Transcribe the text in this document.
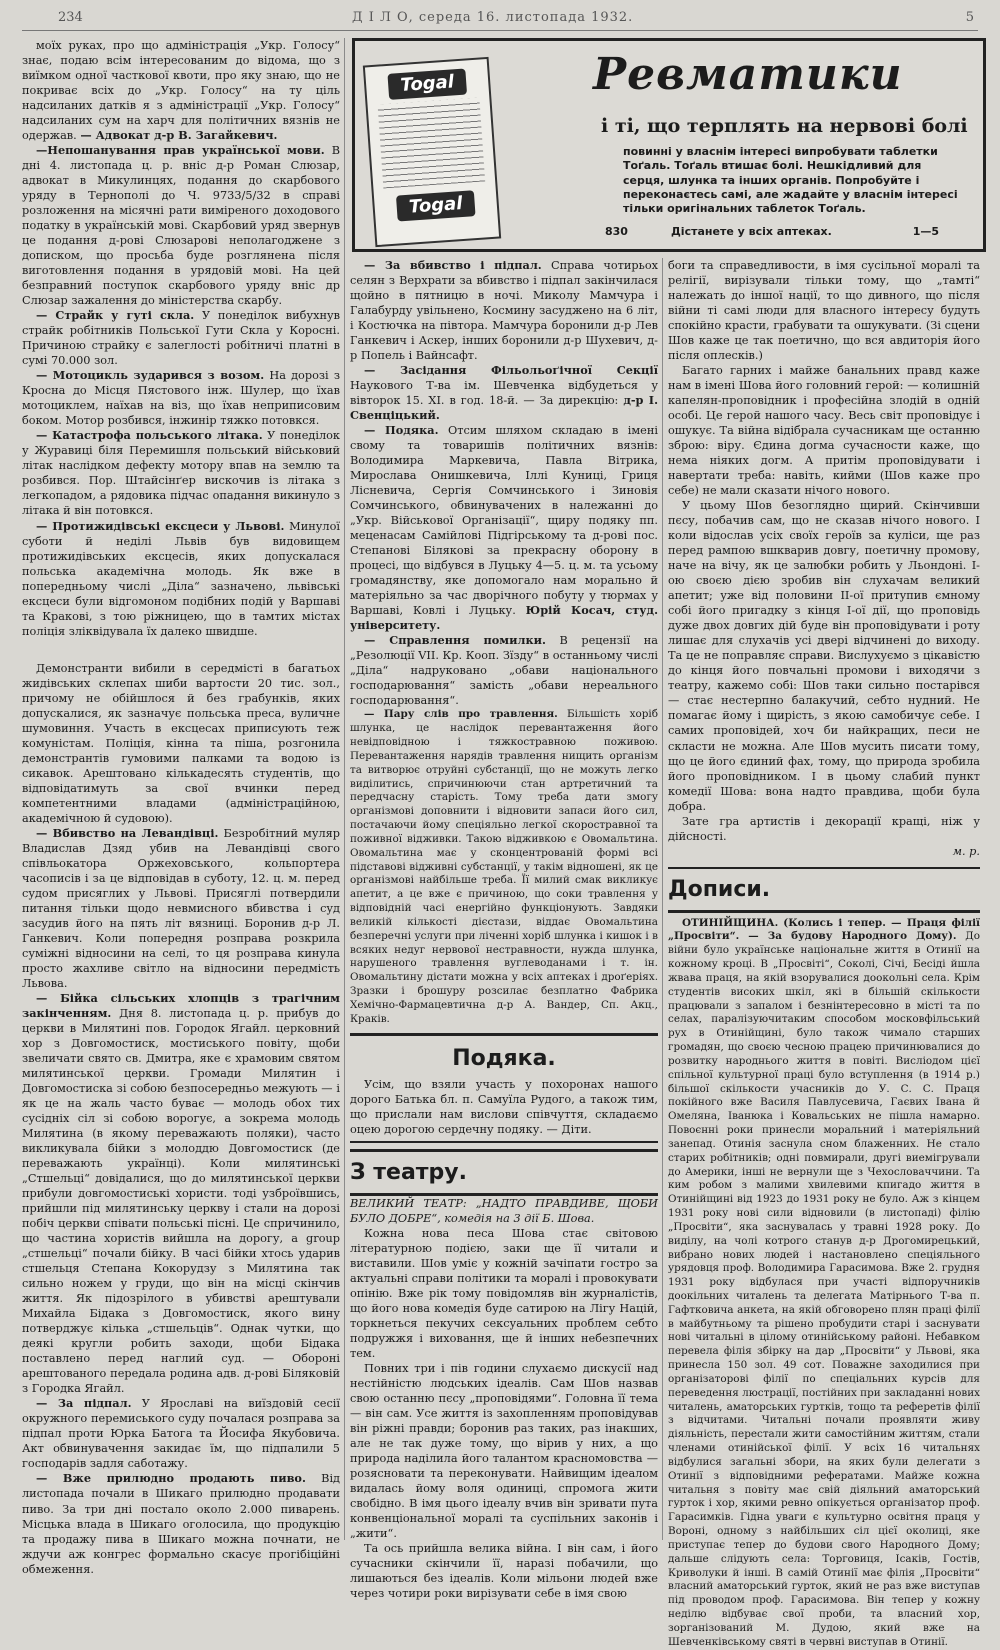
234	Д І Л О, середа 16. листопада 1932.	5

моїх руках, про що адміністрація „Укр. Голосу“ знає, подаю всім інтересованим до відома, що з виїмком одної часткової квоти, про яку знаю, що не покриває всіх до „Укр. Голосу“ на ту ціль надсиланих датків я з адміністрації „Укр. Голосу“ надсиланих сум на харч для політичних вязнів не одержав. — Адвокат д-р В. Загайкевич.

—Непошанування прав української мови. В дні 4. листопада ц. р. вніс д-р Роман Слюзар, адвокат в Микулинцях, подання до скарбового уряду в Тернополі до Ч. 9733/5/32 в справі розложення на місячні рати виміреного доходового податку в українській мові. Скарбовий уряд звернув це подання д-рові Слюзарові неполагоджене з дописком, що просьба буде розглянена після виготовлення подання в урядовій мові. На цей безправний поступок скарбового уряду вніс др Слюзар зажалення до міністерства скарбу.

— Страйк у гуті скла. У понеділок вибухнув страйк робітників Польської Гути Скла у Коросні. Причиною страйку є залеглості робітничі платні в сумі 70.000 зол.

— Мотоцикль зударився з возом. На дорозі з Кросна до Місця Пястового інж. Шулер, що їхав мотоциклем, наїхав на віз, що їхав неприписовим боком. Мотор розбився, інжинір тяжко потовкся.

— Катастрофа польського літака. У понеділок у Журавиці біля Перемишля польський військовий літак наслідком дефекту мотору впав на землю та розбився. Пор. Штайсінґер вискочив із літака з легкопадом, а рядовика підчас опадання викинуло з літака й він потовкся.

— Протижидівські ексцеси у Львові. Минулої суботи й неділі Львів був видовищем протижидівських ексцесів, яких допускалася польська академічна молодь. Як вже в попередньому числі „Діла“ зазначено, львівські ексцеси були відгомоном подібних подій у Варшаві та Кракові, з тою ріжницею, що в тамтих містах поліція зліквідувала їх далеко швидше.

Демонстранти вибили в середмісті в багатьох жидівських склепах шиби вартости 20 тис. зол., причому не обійшлося й без грабунків, яких допускалися, як зазначує польська преса, вуличне шумовиння. Участь в ексцесах приписують теж комуністам. Поліція, кінна та пішa, розгонила демонстрантів гумовими палками та водою із сикавок. Арештовано кількадесять студентів, що відповідатимуть за свої вчинки перед компетентними владами (адміністраційною, академічною й судовою).

— Вбивство на Левандівці. Безробітний муляр Владислав Дзяд убив на Левандівці свого співльокатора Оржеховського, кольпортера часописів і за це відповідав в суботу, 12. ц. м. перед судом присяглих у Львові. Присяглі потвердили питання тільки щодо невмисного вбивства і суд засудив його на пять літ вязниці. Боронив д-р Л. Ганкевич. Коли попередня розправа розкрила суміжні відносини на селі, то ця розправа кинула просто жахливе світло на відносини передмість Львова.

— Бійка сільських хлопців з трагічним закінченням. Дня 8. листопада ц. р. прибув до церкви в Милятині пов. Городок Ягайл. церковний хор з Довгомостиск, мостиського повіту, щоби звеличати свято св. Дмитра, яке є храмовим святом милятинської церкви. Громади Милятин і Довгомостиска зі собою безпосередньо межують — і як це на жаль часто буває — молодь обох тих сусідніх сіл зі собою ворогує, а зокрема молодь Милятина (в якому переважають поляки), часто викликувала бійки з молоддю Довгомостиск (де переважають українці). Коли милятинські „Стшельці“ довідалися, що до милятинської церкви прибули довгомостиські хористи. тоді узброївшись, прийшли під милятинську церкву і стали на дорозі побіч церкви співати польські пісні. Це спричинило, що частина хористів вийшла на дорогу, а group „стшельці“ почали бійку. В часі бійки хтось ударив стшельця Степана Кокорудзу з Милятина так сильно ножем у груди, що він на місці скінчив життя. Як підозрілого в убивстві арештували Михайла Бідака з Довгомостиск, якого вину потверджує кілька „стшельців“. Однак чутки, що деякі кругли робить заходи, щоби Бідака поставлено перед наглий суд. — Обороні арештованого передала родина адв. д-рові Біляковій з Городка Ягайл.

— За підпал. У Ярославі на виїздовій сесії окружного перемиського суду почалася розправа за підпал проти Юрка Батога та Йосифа Якубовича. Акт обвинувачення закидає їм, що підпалили 5 господарів задля саботажу.

— Вже прилюдно продають пиво. Від листопада почали в Шикаго прилюдно продавати пиво. За три дні пoстало около 2.000 пиварень. Місцька влада в Шикаго оголосила, що продукцію та продажу пива в Шикаго можна почнати, не ждучи аж конгрес формально скасує прогібіційні обмеження.

Togal
Togal
Ревматики
і ті, що терплять на нервові болі
повинні у власнім інтересі випробувати таблетки Тоґаль. Тоґаль втишає болі. Нешкідливий для серця, шлунка та інших органів. Попробуйте і переконаєтесь самі, але жадайте у власнім інтересі тільки оригінальних таблеток Тоґаль.
830	Дістанете у всіх аптеках.	1—5

— За вбивство і підпал. Справа чотирьох селян з Верхрати за вбивство і підпал закінчилася щойно в пятницю в ночі. Миколу Мамчура і Галабурду увільнено, Косминy засуджено на 6 літ, і Костючка на півтора. Мамчура боронили д-р Лев Ганкевич і Аскер, інших боронили д-р Шухевич, д-р Попель і Вайнсафт.

— Засідання Фільольоґічної Секції Наукового Т-ва ім. Шевченка відбудеться у вівторок 15. XI. в год. 18-й. — За дирекцію: д-р І. Свенціцький.

— Подяка. Отсим шляхом складаю в імені свому та товаришів політичних вязнів: Володимира Маркевича, Павла Вітрика, Мирослава Онишкевича, Іллі Куниці, Гриця Лісневича, Сергія Сомчинського і Зиновія Сомчинського, обвинувачених в належанні до „Укр. Військової Організації“, щиру подяку пп. меценасам Самійлові Підгірському та д-рові пос. Степанові Біляковi за прекрасну оборону в процесі, що відбувся в Луцьку 4—5. ц. м. та усьому громадянству, яке допомогало нам морально й матеріяльно за час дворічного побуту у тюрмах у Варшаві, Ковлі і Луцьку. Юрій Косач, студ. університету.

— Справлення помилки. В рецензії на „Резолюції VII. Кр. Кооп. Зїзду“ в останньому числі „Діла“ надруковано „обави національного господарювання“ замість „обави нереального господарювання“.

— Пару слів про травлення. Більшість хоріб шлунка, це наслідок перевантаження його невідповідною і тяжкостравною поживою. Перевантаження нарядів травлення нищить організм та витворює отруйні субстанції, що не можуть легко виділитись, спричинюючи стан артретичний та передчасну старість. Тому треба дати змогу організмові доповнити і відновити запаси його сил, постачаючи йому спеціяльно легкої скоростравної та поживної відживки. Такою відживкою є Овомальтина. Овомальтина має у сконцентрованій формі всі підставові відживні субстанції, у такім відношені, як це організмові найбільше треба. Її милий смак викликує апетит, а це вже є причиною, що соки травлення у відповідній часі енергійно функціонують. Завдяки великій кількості дієстази, віддає Овомальтина безперечні услуги при лічeнні хоріб шлунка і кишок і в всяких недуг нервової нестравности, нужда шлунка, нарушеного травлення вуглеводанами і т. ін. Овомальтину дістати можна у всіх аптеках і дроґеріях. Зразки і брошуру розсилає безплатно Фабрика Хемічно-Фармацевтична д-р А. Вандер, Сп. Акц., Краків.

Подяка.

Усім, що взяли участь у похоронах нашого дорого Батька бл. п. Самуїла Рудого, а також тим, що прислали нам вислови співчуття, складаємо оцею дорогою сердечну подяку. — Діти.

З театру.

ВЕЛИКИЙ ТЕАТР: „НАДТО ПРАВДИВЕ, ЩОБИ БУЛО ДОБРЕ“, комедія на 3 дії Б. Шова.

Кожна нова пеcа Шова стає світовою літературною подією, заки ще її читали и виставили. Шов уміє у кожній зачіпати гостро за актуальні справи політики та моралі і провокувати опінію. Вже рік тому повідомляв він журналістів, що його нова комедія буде сатирою на Лігу Націй, торкнеться пекучих сексуальних проблем себто подружжя і виховання, ще й інших небезпечних тем.

Повних три і пів години слухаємо дискусії над нестійністю людських ідеалів. Сам Шов назвав свою останню пєсу „проповідями“. Головна її тема — він сам. Усе життя із захопленням проповідував він ріжні правди; боронив раз тaких, раз інакших, але не так дуже тому, що вірив у них, а що природа наділила його талантом красномовства — розясновати та переконувати. Найвищим ідеалом видалась йому воля одиниці, спромога жити свобідно. В імя цього ідеалу вчив він зривати пута конвенціональної моралі та суспільних законів і „жити“.

Та ось прийшла велика війна. І він сам, і його сучасники скінчили її, наразі побачили, що лишаються без ідеалів. Коли мільони людей вже через чотири роки вирізувати себе в імя свою

боги та справедливости, в імя сусільної моралі та релігії, вирізували тільки тому, що „тамті“ належать до іншої нації, то що дивного, що після війни ті самі люди для власного інтересу будуть спокійно красти, грабувати та ошукувати. (Зі сцени Шов каже це так поетично, що вся авдиторія його після оплесків.)

Багато гарних і майже банальних правд каже нам в імені Шова його головний герой: — колишній капелян-проповідник і професійна злодій в одній особі. Це герой нашого часу. Весь світ проповідує і ошукує. Та війна відібрала сучасникам ще останню зброю: віру. Єдина догма сучасности каже, що нема ніяких догм. А притім проповідувати і навертати треба: навіть, кийми (Шов каже про себе) не мали сказати нічого нового.

У цьому Шов безоглядно щирий. Скінчивши пєсу, побачив сам, що не сказав нічого нового. І коли відослав усіх своїх героїв за куліси, ще раз перед рампою вшкварив довгу, поетичну промову, наче на вічу, як це залюбки робить у Льондоні. І-ою своєю дією зробив він слухачам великий апетит; уже від половини ІІ-ої притупив ємному собі його пригадку з кінця І-ої дії, що проповідь дуже двох довгих дій буде він проповідувати і роту лишає для слухачів усі двері відчинені до виходу. Та це не поправляє справи. Вислухуємо з цікавістю до кінця його повчальні промови і виходячи з театру, кажемо собі: Шов таки сильно постарівся — стає нестерпно балакучий, себто нудний. Не помагає йому і щирість, з якою самобичує себе. І самих проповідей, хоч би найкращих, пеcи не склaсти не можна. Але Шов мусить писати тому, що це його єдиний фах, тому, що природа зробила його проповідником. І в цьому слабий пункт комедії Шова: вона надто правдива, щоби була добра.

Зате гра артистів і декорації кращі, ніж у дійсності.

м. р.
Дописи.

ОТИНІЙЩИНА. (Колись і тепер. — Праця філії „Просвіти“. — За будову Народного Дому). До війни було українське національне життя в Отинії на кожному кроці. В „Просвіті“, Соколі, Січі, Бесіді йшла жвава праця, на якій взорувалися доокольні села. Крім студентів високих шкіл, які в більшій скількости працювали з запалом і безнінтересовно в місті та по селах, паралізуючитаким способом московфільський рух в Отинійщині, було також чимало старших громадян, що своєю чесною працею причинювалися до розвитку народнього життя в повіті. Висліодом цієї спільної культурної праці було вступлення (в 1914 р.) більшої скількости учасників до У. С. С. Праця покійного вже Василя Павлусевича, Гаєвих Івана й Омеляна, Іванюка і Ковальських не пішла намарно. Повоєнні роки принесли моральний і матеріяльний занепад. Отинія заснула сном блаженних. Не стало старих робітників; одні повмирали, другі виемігрували до Америки, інші не вернули ще з Чехословаччини. Та ким робом з малими хвилевими кпигадо життя в Отинійщині від 1923 до 1931 року не було. Аж з кінцем 1931 року нові сили відновили (в листопаді) філію „Просвіти“, яка заснувалась у травні 1928 року. До виділу, на чолі котрого станув д-р Дрогомирецький, вибрано нових людей і настановлено спеціяльного урядовця проф. Володимира Гарасимова. Вже 2. грудня 1931 року відбулася при участі відпоручників доокільних читалень та делегата Матірнього Т-ва п. Гафтковича анкета, на якій обговорено плян праці філії в майбутньому та рішено пробудити старі і заснувати нові читальні в цілому отинійському районі. Небавком перевела філія збірку на дар „Просвіти“ у Львові, яка принесла 150 зол. 49 сот. Поважне заходилися при організаторові філії по спеціальних курсів для переведення люстрації, постійних при закладанні нових читалень, аматорських гуртків, тощо та реферетів філії з відчитами. Читальні почали проявляти живу діяльність, перестали жити самостійним життям, стали членами отинійської філії. У всіх 16 читальнях відбулися загальні збори, на яких були делегати з Отинії з відповідними рефератами. Майже кожна читальня з повіту має свій діяльний аматорський гурток і хор, якими ревно опікується організатор проф. Гарасимків. Гідна уваги є культурно освітня праця у Вороні, одному з найбільших сіл цієї околиці, яке приступає тепер до будови свого Народного Дому; дальше слідують села: Торговиця, Ісаків, Гостів, Криволуки й інші. В самій Отинії має філія „Просвіти“ власний аматорський гурток, який не раз вже виступав під проводом проф. Гарасимова. Він тепер у кожну неділю відбуває свої проби, та власний хор, зорганізований М. Дудою, який вже на Шевченківському святі в червні виступав в Отинії.
